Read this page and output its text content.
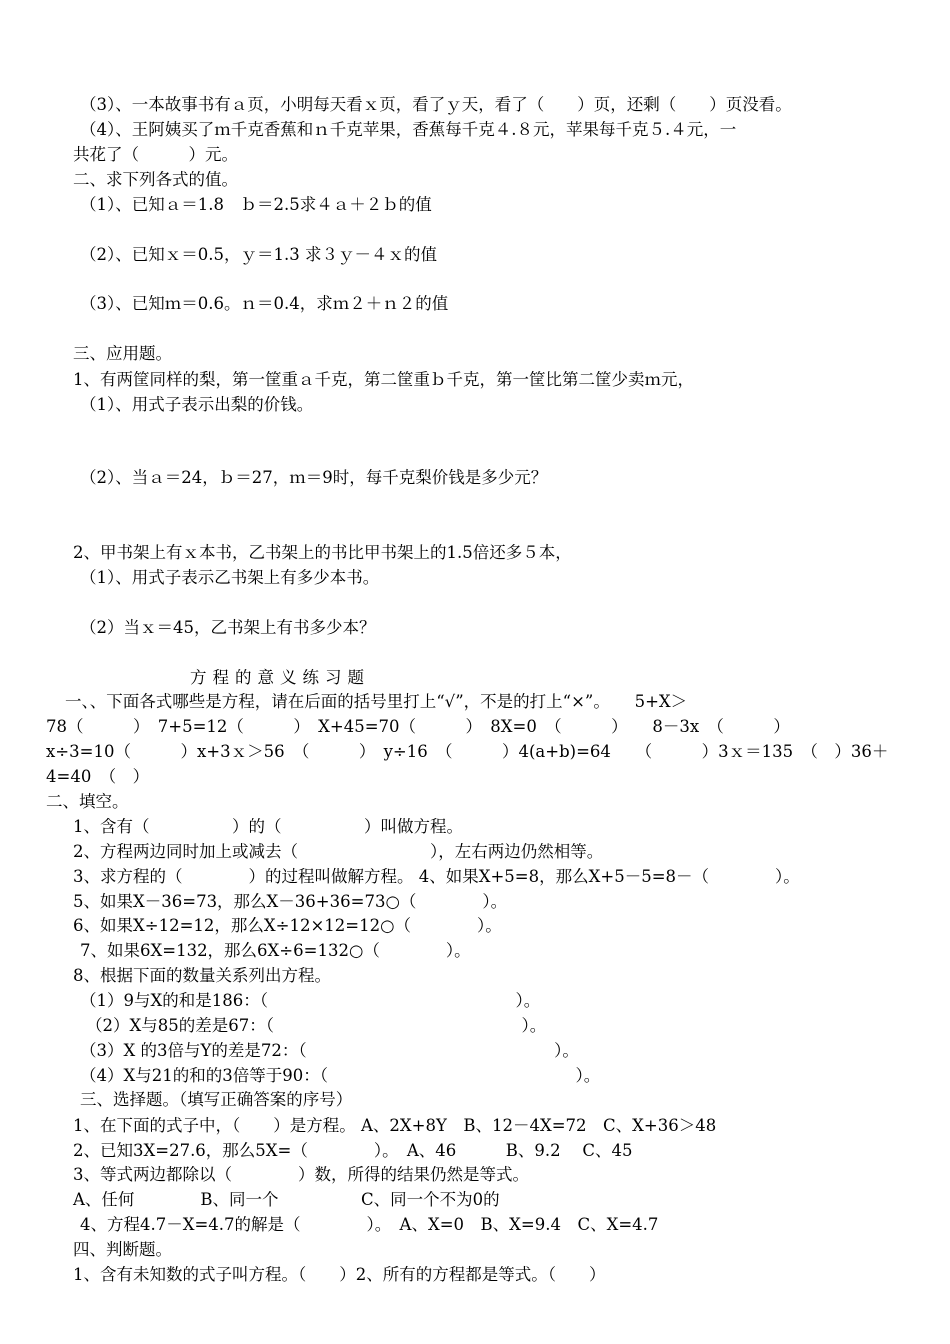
（3）、一本故事书有ａ页，小明每天看ｘ页，看了ｙ天，看了（　　）页，还剩（　　）页没看。
（4）、王阿姨买了ｍ千克香蕉和ｎ千克苹果，香蕉每千克４.８元，苹果每千克５.４元，一
共花了（　　　）元。
二、求下列各式的值。
（1）、已知ａ＝1.8　ｂ＝2.5求４ａ＋２ｂ的值
（2）、已知ｘ＝0.5，ｙ＝1.3 求３ｙ－４ｘ的值
（3）、已知ｍ＝0.6。ｎ＝0.4，求ｍ２＋ｎ２的值
三、应用题。
1、有两筐同样的梨，第一筐重ａ千克，第二筐重ｂ千克，第一筐比第二筐少卖ｍ元，
（1）、用式子表示出梨的价钱。
（2）、当ａ＝24，ｂ＝27，ｍ＝9时，每千克梨价钱是多少元？
2、甲书架上有ｘ本书，乙书架上的书比甲书架上的1.5倍还多５本，
（1）、用式子表示乙书架上有多少本书。
（2）当ｘ＝45，乙书架上有书多少本？
方程的意义练习题
一、、下面各式哪些是方程，请在后面的括号里打上“√”，不是的打上“×”。　　5+X＞
78（　　　）　7+5=12（　　　）　X+45=70（　　　）　8X=0　（　　　）　　8－3x　（　　　）
x÷3=10（　　　）x+3ｘ＞56　（　　　）　y÷16　（　　　）4(a+b)=64　　（　　　）3ｘ＝135　（　）36＋
4=40　（　）
二、填空。
1、含有（　　　　　）的（　　　　　）叫做方程。
2、方程两边同时加上或减去（　　　　　　　　），左右两边仍然相等。
3、求方程的（　　　　）的过程叫做解方程。 4、如果X+5=8，那么X+5－5=8－（　　　　）。
5、如果X－36=73，那么X－36+36=73○（　　　　）。
6、如果X÷12=12，那么X÷12×12=12○（　　　　）。
7、如果6X=132，那么6X÷6=132○（　　　　）。
8、根据下面的数量关系列出方程。
（1）9与X的和是186：（　　　　　　　　　　　　　　　）。
（2）X与85的差是67：（　　　　　　　　　　　　　　　）。
（3）X 的3倍与Y的差是72：（　　　　　　　　　　　　　　　）。
（4）X与21的和的3倍等于90：（　　　　　　　　　　　　　　　）。
三、选择题。（填写正确答案的序号）
1、在下面的式子中，（　　）是方程。 A、2X+8Y　B、12－4X=72　C、X+36＞48
2、已知3X=27.6，那么5X=（　　　　）。　A、46　　　B、9.2　 C、45
3、等式两边都除以（　　　　）数，所得的结果仍然是等式。
A、任何　　　　B、同一个　　　　　C、同一个不为0的
4、方程4.7－X=4.7的解是（　　　　）。　A、X=0　B、X=9.4　C、X=4.7
四、判断题。
1、含有未知数的式子叫方程。（　　）2、所有的方程都是等式。（　　）
